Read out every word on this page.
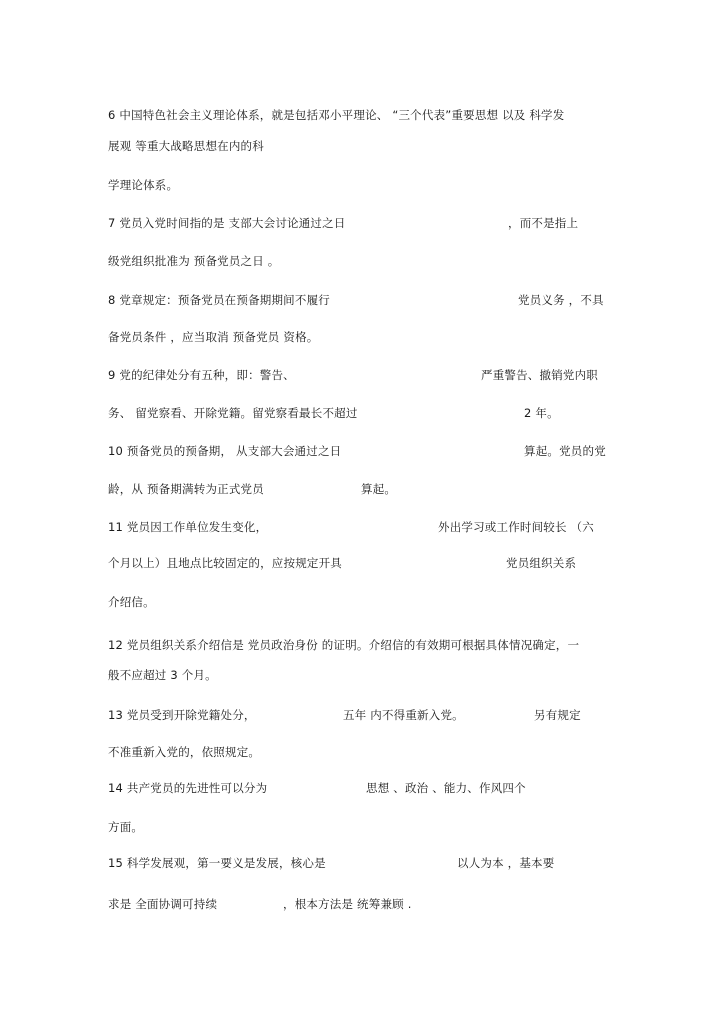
6 中国特色社会主义理论体系，就是包括邓小平理论、 “三个代表”重要思想 以及 科学发
展观 等重大战略思想在内的科
学理论体系。
7 党员入党时间指的是 支部大会讨论通过之日	，而不是指上
级党组织批准为 预备党员之日 。
8 党章规定：预备党员在预备期期间不履行	党员义务 ，不具
备党员条件 ，应当取消 预备党员 资格。
9 党的纪律处分有五种，即：警告、	严重警告、撤销党内职
务、 留党察看、开除党籍。留党察看最长不超过	2 年。
10 预备党员的预备期， 从支部大会通过之日	算起。党员的党
龄，从 预备期满转为正式党员	算起。
11 党员因工作单位发生变化，	外出学习或工作时间较长 （六
个月以上）且地点比较固定的，应按规定开具	党员组织关系
介绍信。
12 党员组织关系介绍信是 党员政治身份 的证明。介绍信的有效期可根据具体情况确定，一
般不应超过 3 个月。
13 党员受到开除党籍处分，	五年 内不得重新入党。	另有规定
不准重新入党的，依照规定。
14 共产党员的先进性可以分为	思想 、政治 、能力、作风四个
方面。
15 科学发展观，第一要义是发展，核心是	以人为本 ，基本要
求是 全面协调可持续	，根本方法是 统筹兼顾 .
